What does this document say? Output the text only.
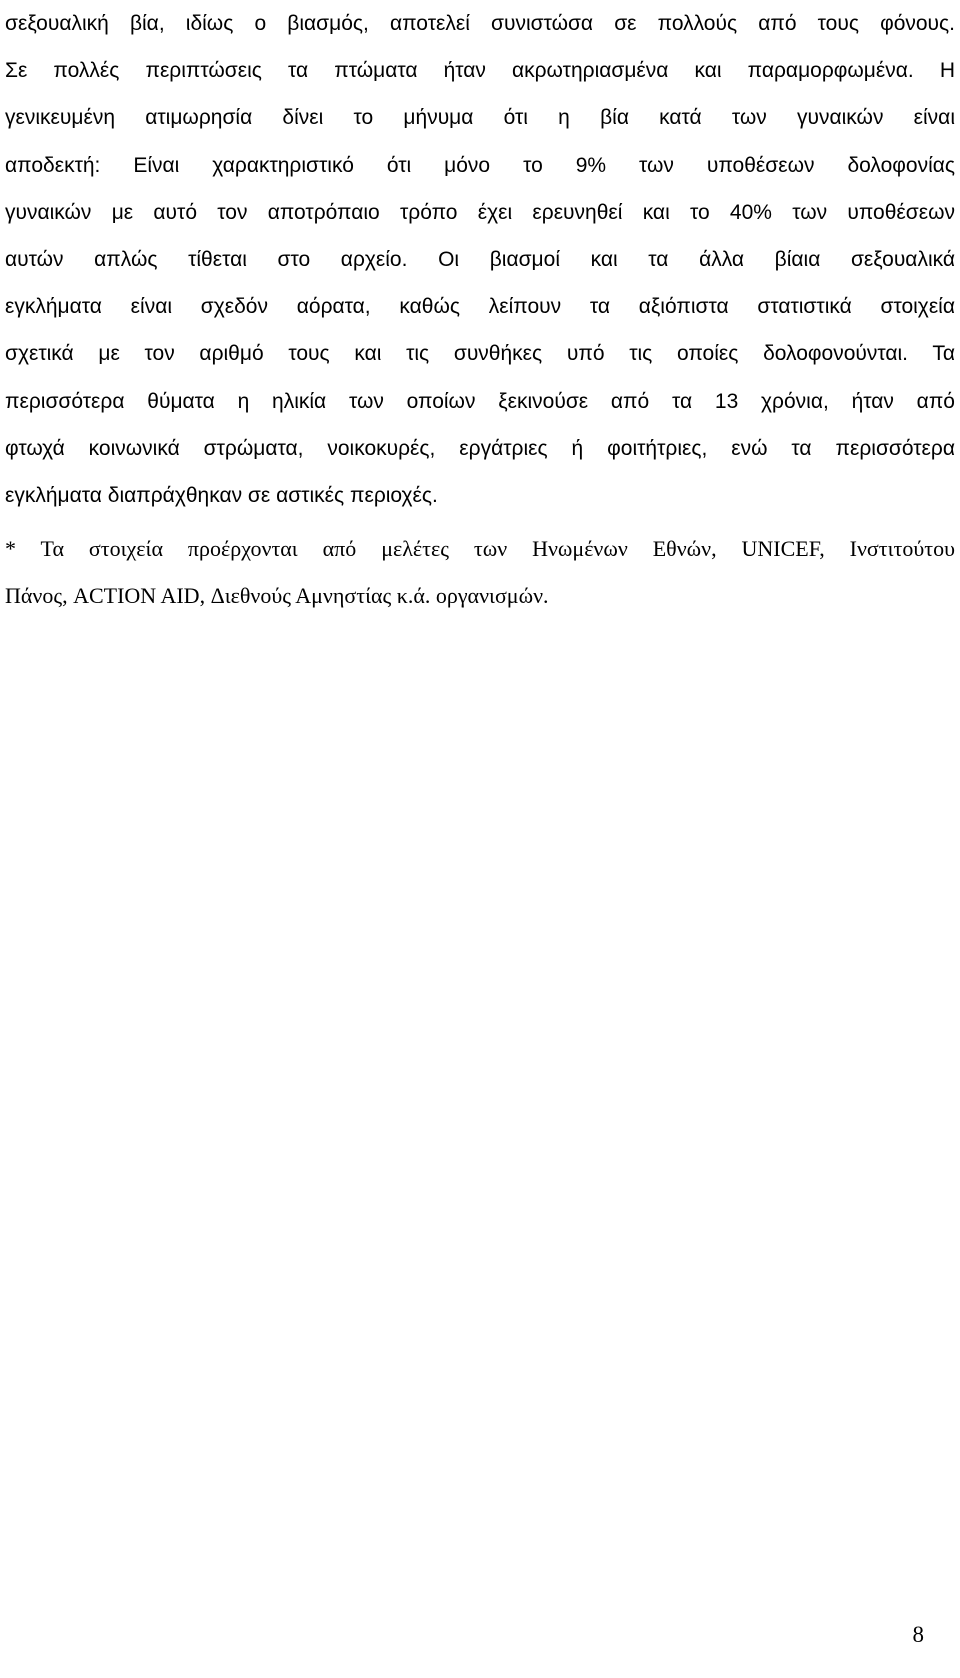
σεξουαλική βία, ιδίως ο βιασμός, αποτελεί συνιστώσα σε πολλούς από τους φόνους.
Σε πολλές περιπτώσεις τα πτώματα ήταν ακρωτηριασμένα και παραμορφωμένα. Η
γενικευμένη ατιμωρησία δίνει το μήνυμα ότι η βία κατά των γυναικών είναι
αποδεκτή: Είναι χαρακτηριστικό ότι μόνο το 9% των υποθέσεων δολοφονίας
γυναικών με αυτό τον αποτρόπαιο τρόπο έχει ερευνηθεί και το 40% των υποθέσεων
αυτών απλώς τίθεται στο αρχείο. Οι βιασμοί και τα άλλα βίαια σεξουαλικά
εγκλήματα είναι σχεδόν αόρατα, καθώς λείπουν τα αξιόπιστα στατιστικά στοιχεία
σχετικά με τον αριθμό τους και τις συνθήκες υπό τις οποίες δολοφονούνται. Τα
περισσότερα θύματα η ηλικία των οποίων ξεκινούσε από τα 13 χρόνια, ήταν από
φτωχά κοινωνικά στρώματα, νοικοκυρές, εργάτριες ή φοιτήτριες, ενώ τα περισσότερα
εγκλήματα διαπράχθηκαν σε αστικές περιοχές.
* Τα στοιχεία προέρχονται από μελέτες των Ηνωμένων Εθνών, UNICEF, Ινστιτούτου
Πάνος, ACTION AID, Διεθνούς Αμνηστίας κ.ά. οργανισμών.
8
